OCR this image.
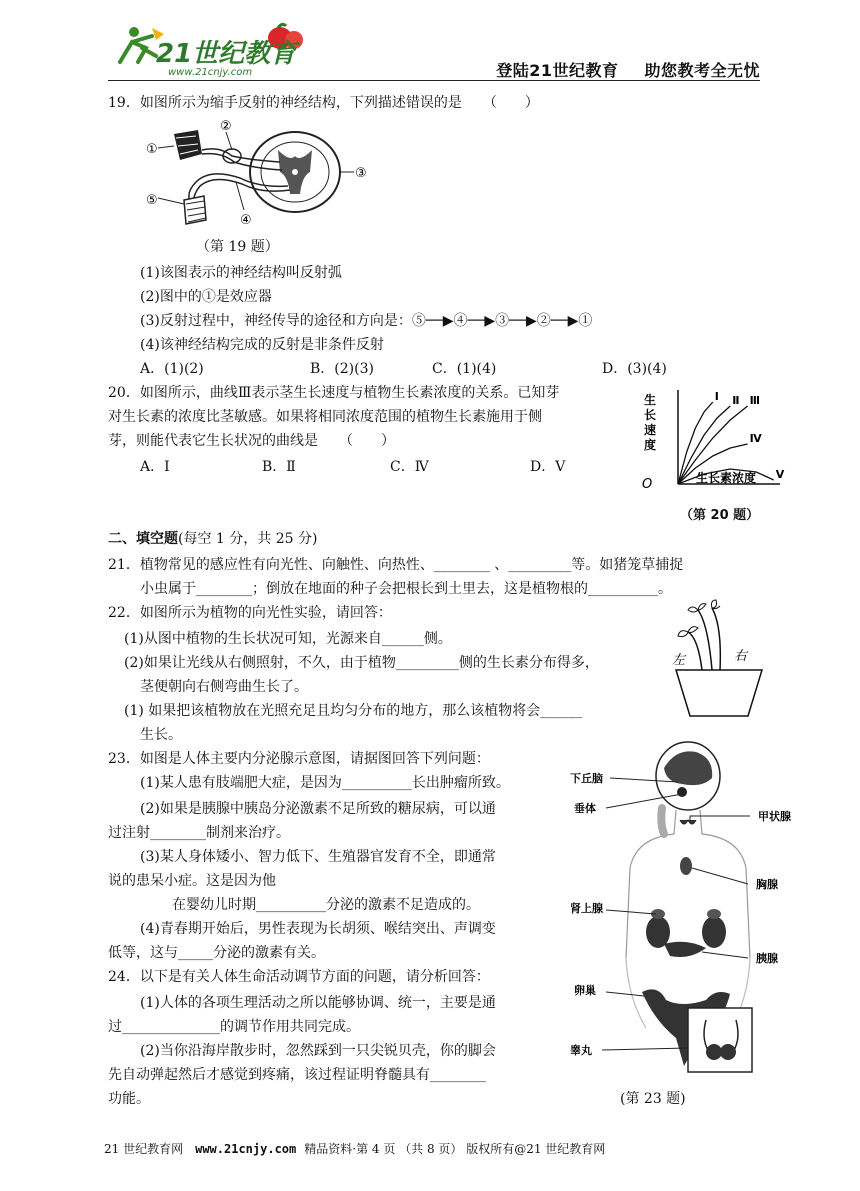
21世纪教育
www.21cnjy.com	登陆21世纪教育 助您教考全无忧
19．如图所示为缩手反射的神经结构，下列描述错误的是　　（　　）
①
②
③
④
⑤
（第 19 题）
(1)该图表示的神经结构叫反射弧
(2)图中的①是效应器
(3)反射过程中，神经传导的途径和方向是：⑤──▶④──▶③──▶②──▶①
(4)该神经结构完成的反射是非条件反射
A．(1)(2)	B．(2)(3)	C．(1)(4)	D．(3)(4)
20．如图所示，曲线Ⅲ表示茎生长速度与植物生长素浓度的关系。已知芽
对生长素的浓度比茎敏感。如果将相同浓度范围的植物生长素施用于侧
芽，则能代表它生长状况的曲线是　　（　　）
A．Ⅰ	B．Ⅱ	C．Ⅳ	D．Ⅴ
O	生长素浓度
生
长
速
度
Ⅰ Ⅱ Ⅲ
Ⅳ
Ⅴ
（第 20 题）
二、填空题(每空 1 分，共 25 分)
21．植物常见的感应性有向光性、向触性、向热性、________ 、_________等。如猪笼草捕捉
小虫属于________；倒放在地面的种子会把根长到土里去，这是植物根的__________。
22．如图所示为植物的向光性实验，请回答：
(1)从图中植物的生长状况可知，光源来自______侧。
(2)如果让光线从右侧照射，不久，由于植物_________侧的生长素分布得多，
茎便朝向右侧弯曲生长了。
(1) 如果把该植物放在光照充足且均匀分布的地方，那么该植物将会______
生长。
左	右
23．如图是人体主要内分泌腺示意图，请据图回答下列问题：
(1)某人患有肢端肥大症，是因为__________长出肿瘤所致。
(2)如果是胰腺中胰岛分泌激素不足所致的糖尿病，可以通
过注射________制剂来治疗。
(3)某人身体矮小、智力低下、生殖器官发育不全，即通常
说的患呆小症。这是因为他
在婴幼儿时期__________分泌的激素不足造成的。
(4)青春期开始后，男性表现为长胡须、喉结突出、声调变
低等，这与_____分泌的激素有关。
24．以下是有关人体生命活动调节方面的问题，请分析回答：
(1)人体的各项生理活动之所以能够协调、统一，主要是通
过______________的调节作用共同完成。
(2)当你沿海岸散步时，忽然踩到一只尖锐贝壳，你的脚会
先自动弹起然后才感觉到疼痛，该过程证明脊髓具有________
功能。
下丘脑
垂体
甲状腺
胸腺
肾上腺
胰腺
卵巢
睾丸
(第 23 题)
21 世纪教育网 www.21cnjy.com 精品资料·第 4 页 （共 8 页） 版权所有@21 世纪教育网
